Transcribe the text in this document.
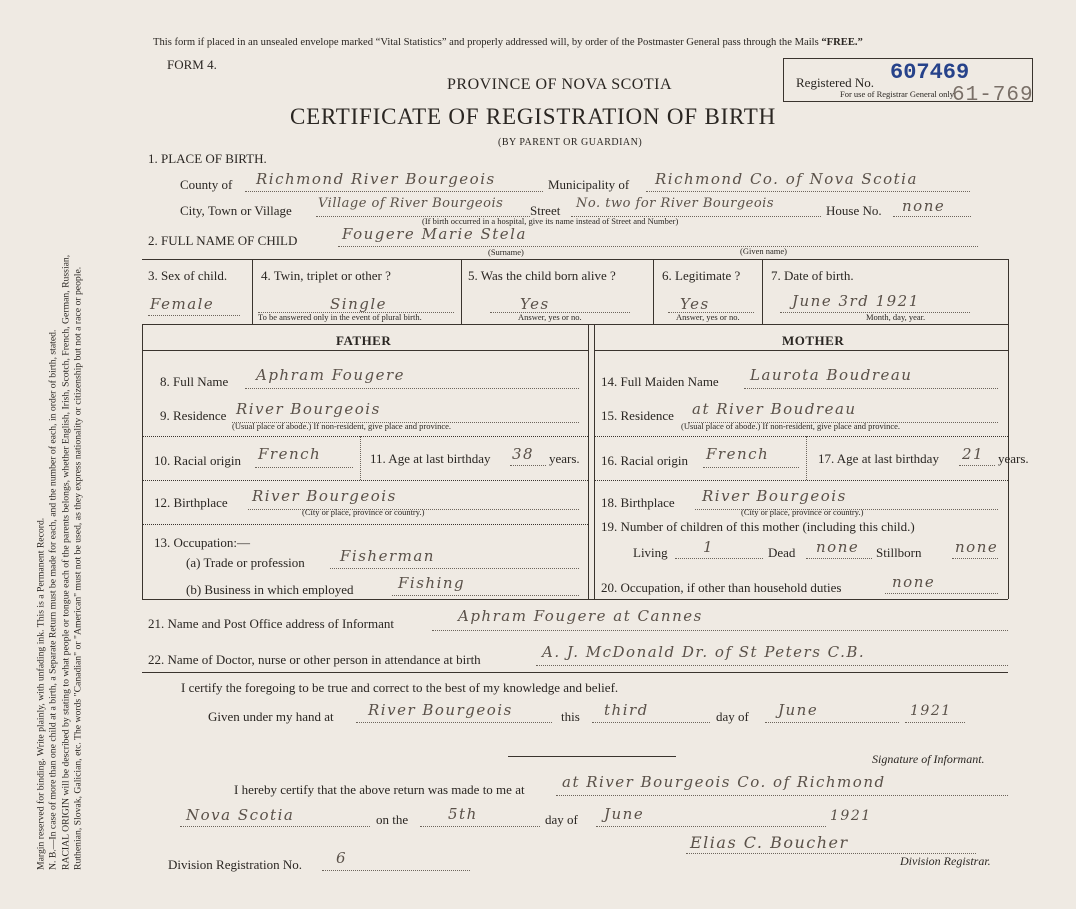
Margin reserved for binding. Write plainly, with unfading ink. This is a Permanent Record. N. B.—In case of more than one child at a birth, a Separate Return must be made for each, and the number of each, in order of birth, stated. RACIAL ORIGIN will be described by stating to what people or tongue each of the parents belongs, whether English, Irish, Scotch, French, German, Russian, Ruthenian, Slovak, Galician, etc. The words "Canadian" or "American" must not be used, as they express nationality or citizenship but not a race or people.
This form if placed in an unsealed envelope marked “Vital Statistics” and properly addressed will, by order of the Postmaster General pass through the Mails “FREE.”
FORM 4.
PROVINCE OF NOVA SCOTIA
CERTIFICATE OF REGISTRATION OF BIRTH
(BY PARENT OR GUARDIAN)
Registered No. 607469
For use of Registrar General only.
61-769
1. PLACE OF BIRTH.
County of Richmond River Bourgeois	Municipality of Richmond Co. of Nova Scotia
City, Town or Village Village of River Bourgeois Street No. two for River Bourgeois
(If birth occurred in a hospital, give its name instead of Street and Number)
House No. none
2. FULL NAME OF CHILD	Fougere Marie Stela
(Surname)	(Given name)
3. Sex of child.
Female
4. Twin, triplet or other ?
Single
To be answered only in the event of plural birth.
5. Was the child born alive ?
Yes
Answer, yes or no.
6. Legitimate ?
Yes
Answer, yes or no.
7. Date of birth.
June 3rd 1921
Month, day, year.
FATHER	MOTHER
8. Full Name Aphram Fougere
9. Residence River Bourgeois
(Usual place of abode.) If non-resident, give place and province.
10. Racial origin French	11. Age at last birthday 38 years.
12. Birthplace River Bourgeois
(City or place, province or country.)
13. Occupation:—
(a) Trade or profession Fisherman
(b) Business in which employed	Fishing
14. Full Maiden Name Laurota Boudreau
15. Residence at River Boudreau
(Usual place of abode.) If non-resident, give place and province.
16. Racial origin French	17. Age at last birthday 21 years.
18. Birthplace River Bourgeois
(City or place, province or country.)
19. Number of children of this mother (including this child.)
Living 1	Dead none Stillborn none
20. Occupation, if other than household duties	none
21. Name and Post Office address of Informant	Aphram Fougere at Cannes
22. Name of Doctor, nurse or other person in attendance at birth	A. J. McDonald Dr. of St Peters C.B.
I certify the foregoing to be true and correct to the best of my knowledge and belief.
Given under my hand at River Bourgeois	this third	day of June	1921
Signature of Informant.
I hereby certify that the above return was made to me at at River Bourgeois Co. of Richmond
Nova Scotia	on the	5th	day of June	1921
Elias C. Boucher
Division Registrar.
Division Registration No. 6
